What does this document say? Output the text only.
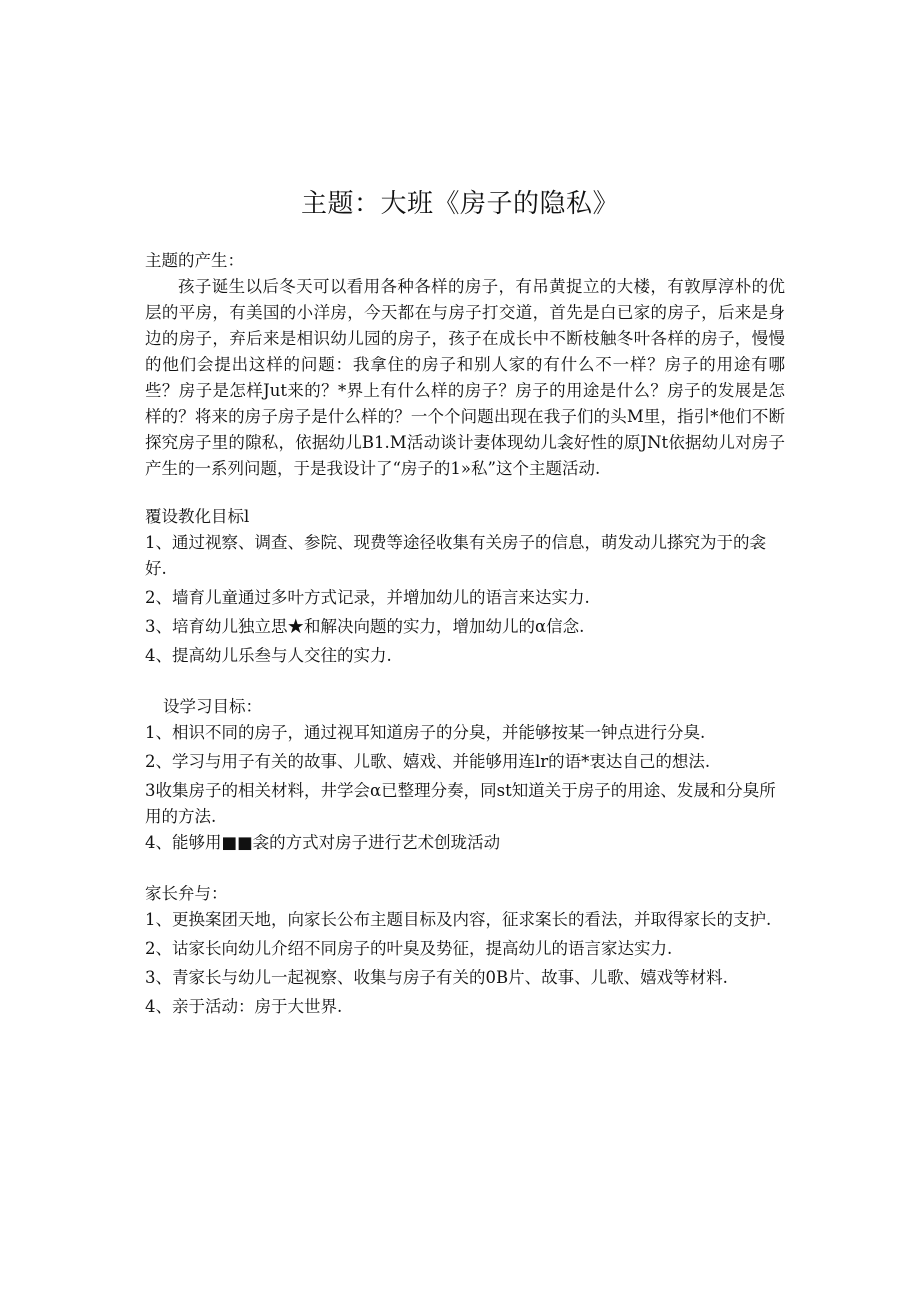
主题：大班《房子的隐私》

主题的产生：

孩子诞生以后冬天可以看用各种各样的房子，有吊黄捉立的大楼，有敦厚淳朴的优层的平房，有美国的小洋房，今天都在与房子打交道，首先是白已家的房子，后来是身边的房子，弃后来是相识幼儿园的房子，孩子在成长中不断枝触冬叶各样的房子，慢慢的他们会提出这样的问题：我拿住的房子和别人家的有什么不一样？房子的用途有哪些？房子是怎样Jut来的？*界上有什么样的房子？房子的用途是什么？房子的发展是怎样的？将来的房子房子是什么样的？一个个问题出现在我子们的头M里，指引*他们不断探究房子里的隙私，依据幼儿B1.M活动谈计妻体现幼儿衾好性的原JNt依据幼儿对房子产生的一系列问题，于是我设计了“房子的1»私”这个主题活动.

覆设教化目标l

1、通过视察、调查、参院、现费等途径收集有关房子的信息，萌发动儿搽究为于的衾好.

2、墙育儿童通过多叶方式记录，并增加幼儿的语言来达实力.

3、培育幼儿独立思★和解决向题的实力，增加幼儿的α信念.

4、提高幼儿乐叁与人交往的实力.

设学习目标：

1、相识不同的房子，通过视耳知道房子的分臭，并能够按某一钟点进行分臭.

2、学习与用子有关的故事、儿歌、嬉戏、并能够用连lr的语*衷达自己的想法.

3收集房子的相关材料，井学会α已整理分奏，同st知道关于房子的用途、发晟和分臭所用的方法.

4、能够用■■衾的方式对房子进行艺术创珑活动

家长弁与：

1、更换案团天地，向家长公布主题目标及内容，征求案长的看法，并取得家长的支护.

2、诂家长向幼儿介绍不同房子的叶臭及势征，提高幼儿的语言家达实力.

3、青家长与幼儿一起视察、收集与房子有关的0B片、故事、儿歌、嬉戏等材料.

4、亲于活动：房于大世界.
